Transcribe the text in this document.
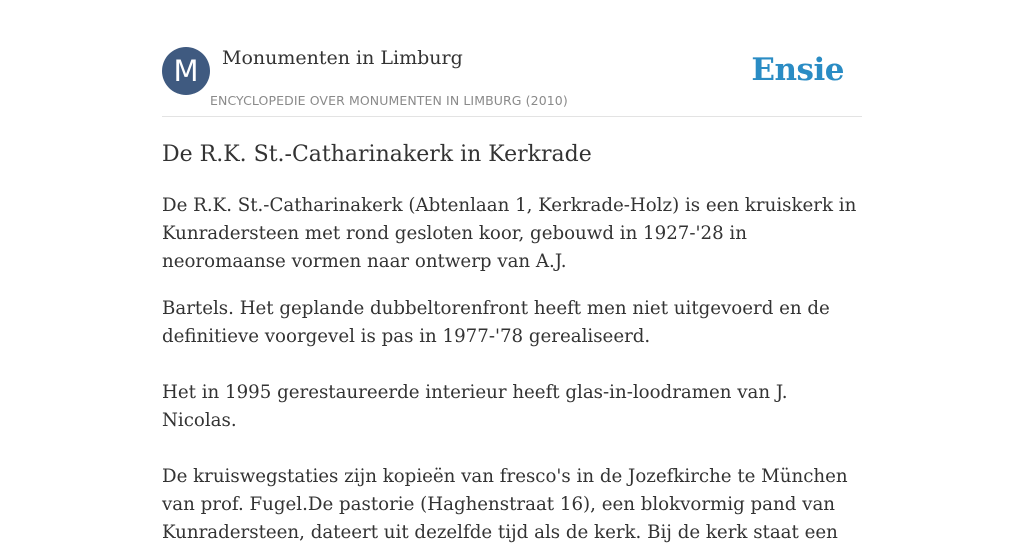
M	Monumenten in Limburg
ENCYCLOPEDIE OVER MONUMENTEN IN LIMBURG (2010)
Ensie
De R.K. St.-Catharinakerk in Kerkrade

De R.K. St.-Catharinakerk (Abtenlaan 1, Kerkrade-Holz) is een kruiskerk in Kunradersteen met rond gesloten koor, gebouwd in 1927-'28 in neoromaanse vormen naar ontwerp van A.J.

Bartels. Het geplande dubbeltorenfront heeft men niet uitgevoerd en de definitieve voorgevel is pas in 1977-'78 gerealiseerd.

Het in 1995 gerestaureerde interieur heeft glas-in-loodramen van J. Nicolas.

De kruiswegstaties zijn kopieën van fresco's in de Jozefkirche te München van prof. Fugel.De pastorie (Haghenstraat 16), een blokvormig pand van Kunradersteen, dateert uit dezelfde tijd als de kerk. Bij de kerk staat een
